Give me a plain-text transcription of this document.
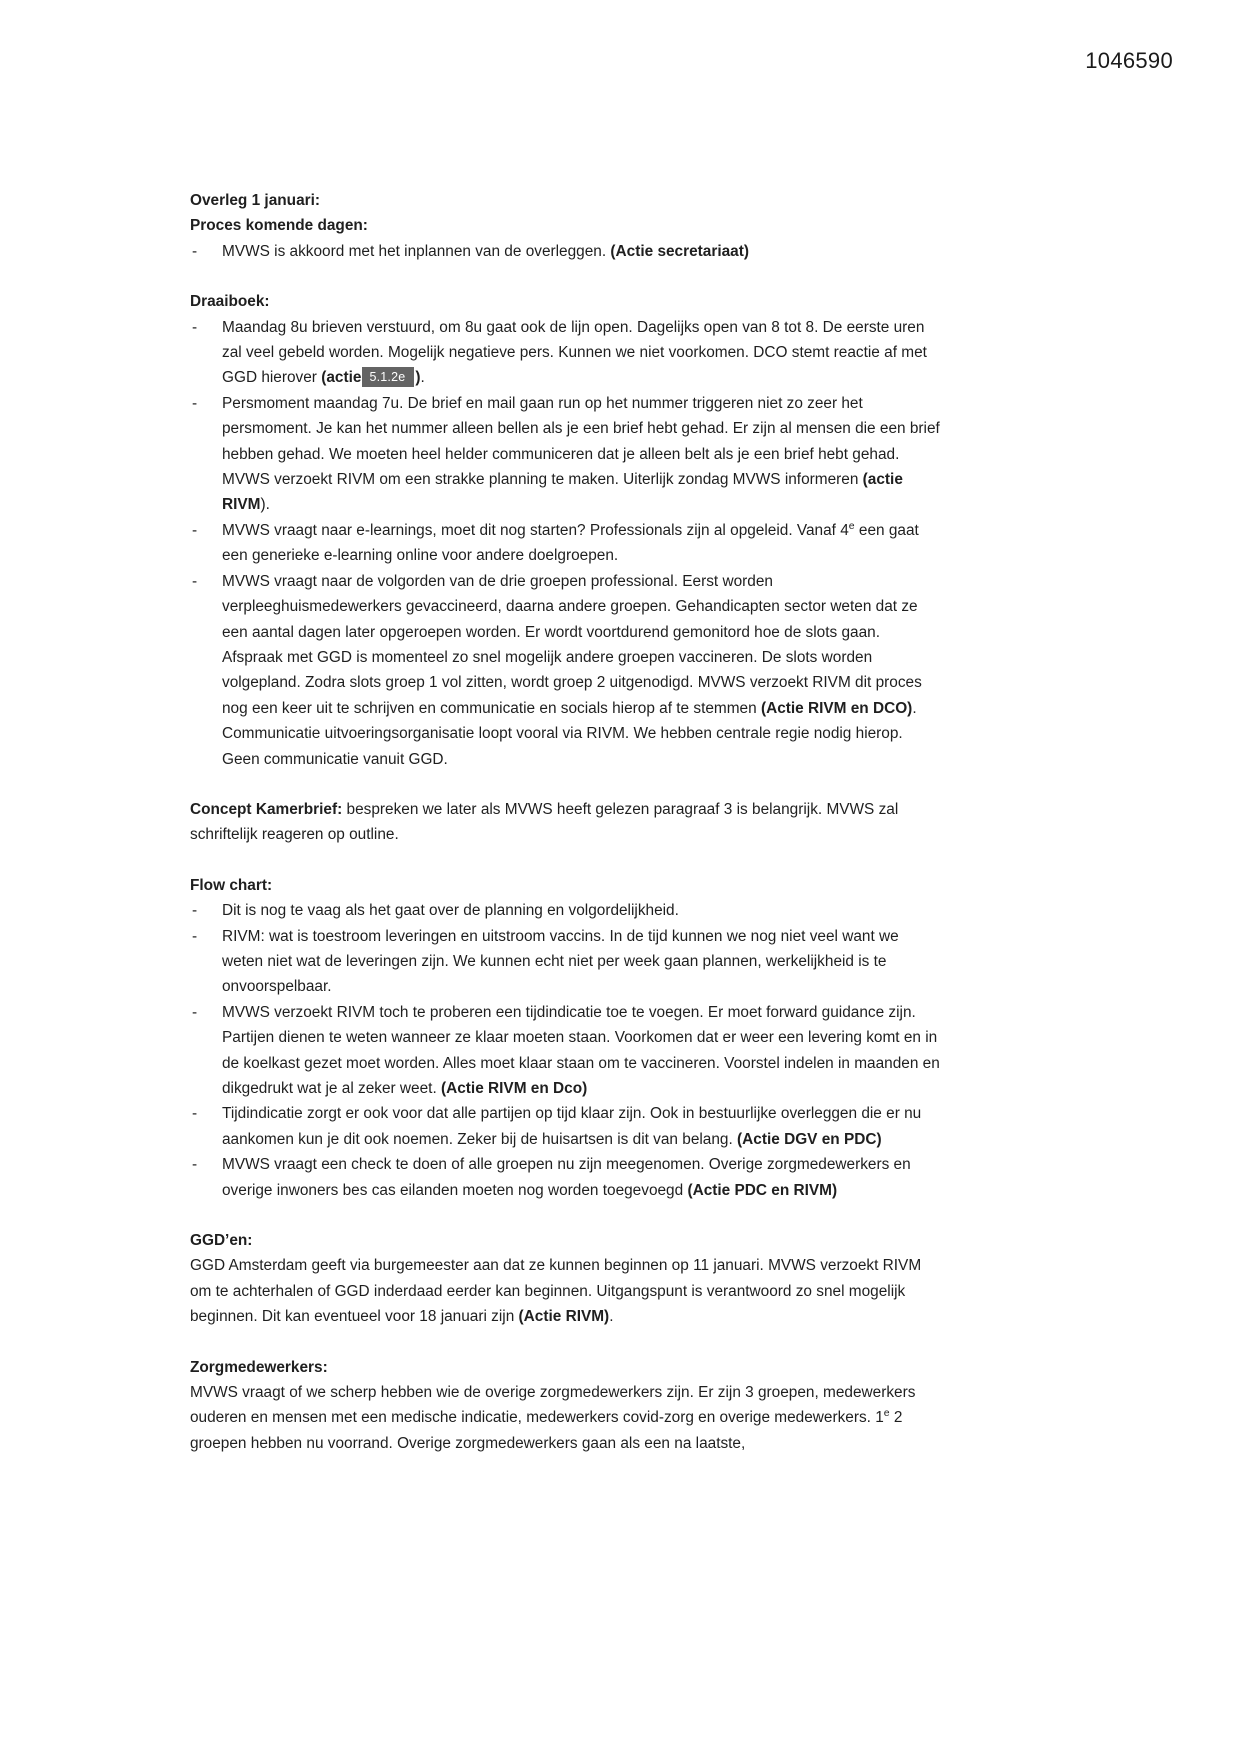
1046590
Overleg 1 januari:
Proces komende dagen:
-	MVWS is akkoord met het inplannen van de overleggen. (Actie secretariaat)
Draaiboek:
-	Maandag 8u brieven verstuurd, om 8u gaat ook de lijn open. Dagelijks open van 8 tot 8. De eerste uren zal veel gebeld worden. Mogelijk negatieve pers. Kunnen we niet voorkomen. DCO stemt reactie af met GGD hierover (actie 5.1.2e ).
-	Persmoment maandag 7u. De brief en mail gaan run op het nummer triggeren niet zo zeer het persmoment. Je kan het nummer alleen bellen als je een brief hebt gehad. Er zijn al mensen die een brief hebben gehad. We moeten heel helder communiceren dat je alleen belt als je een brief hebt gehad. MVWS verzoekt RIVM om een strakke planning te maken. Uiterlijk zondag MVWS informeren (actie RIVM).
-	MVWS vraagt naar e-learnings, moet dit nog starten? Professionals zijn al opgeleid. Vanaf 4e een gaat een generieke e-learning online voor andere doelgroepen.
-	MVWS vraagt naar de volgorden van de drie groepen professional. Eerst worden verpleeghuismedewerkers gevaccineerd, daarna andere groepen. Gehandicapten sector weten dat ze een aantal dagen later opgeroepen worden. Er wordt voortdurend gemonitord hoe de slots gaan. Afspraak met GGD is momenteel zo snel mogelijk andere groepen vaccineren. De slots worden volgepland. Zodra slots groep 1 vol zitten, wordt groep 2 uitgenodigd. MVWS verzoekt RIVM dit proces nog een keer uit te schrijven en communicatie en socials hierop af te stemmen (Actie RIVM en DCO). Communicatie uitvoeringsorganisatie loopt vooral via RIVM. We hebben centrale regie nodig hierop. Geen communicatie vanuit GGD.
Concept Kamerbrief: bespreken we later als MVWS heeft gelezen paragraaf 3 is belangrijk. MVWS zal schriftelijk reageren op outline.
Flow chart:
-	Dit is nog te vaag als het gaat over de planning en volgordelijkheid.
-	RIVM: wat is toestroom leveringen en uitstroom vaccins. In de tijd kunnen we nog niet veel want we weten niet wat de leveringen zijn. We kunnen echt niet per week gaan plannen, werkelijkheid is te onvoorspelbaar.
-	MVWS verzoekt RIVM toch te proberen een tijdindicatie toe te voegen. Er moet forward guidance zijn. Partijen dienen te weten wanneer ze klaar moeten staan. Voorkomen dat er weer een levering komt en in de koelkast gezet moet worden. Alles moet klaar staan om te vaccineren. Voorstel indelen in maanden en dikgedrukt wat je al zeker weet. (Actie RIVM en Dco)
-	Tijdindicatie zorgt er ook voor dat alle partijen op tijd klaar zijn. Ook in bestuurlijke overleggen die er nu aankomen kun je dit ook noemen. Zeker bij de huisartsen is dit van belang. (Actie DGV en PDC)
-	MVWS vraagt een check te doen of alle groepen nu zijn meegenomen. Overige zorgmedewerkers en overige inwoners bes cas eilanden moeten nog worden toegevoegd (Actie PDC en RIVM)
GGD’en:
GGD Amsterdam geeft via burgemeester aan dat ze kunnen beginnen op 11 januari. MVWS verzoekt RIVM om te achterhalen of GGD inderdaad eerder kan beginnen. Uitgangspunt is verantwoord zo snel mogelijk beginnen. Dit kan eventueel voor 18 januari zijn (Actie RIVM).
Zorgmedewerkers:
MVWS vraagt of we scherp hebben wie de overige zorgmedewerkers zijn. Er zijn 3 groepen, medewerkers ouderen en mensen met een medische indicatie, medewerkers covid-zorg en overige medewerkers. 1e 2 groepen hebben nu voorrand. Overige zorgmedewerkers gaan als een na laatste,
